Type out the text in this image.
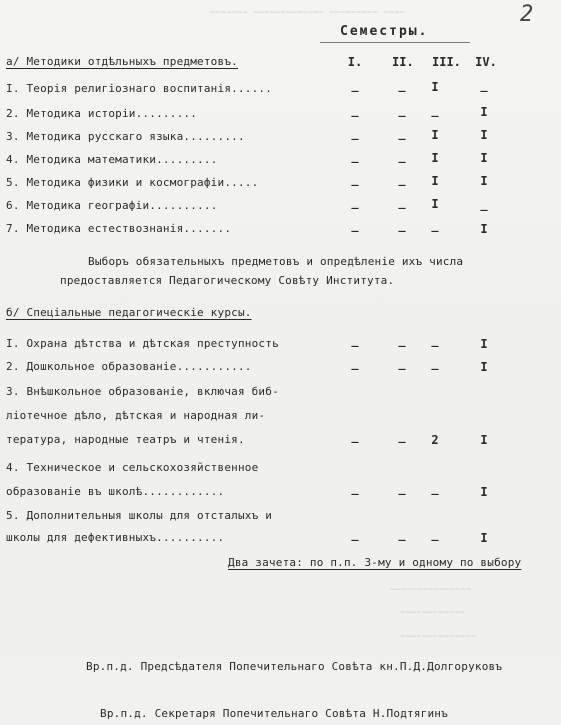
~~~~~~~ ~~~~~~~~~~~~~ ~~~~~~~~~ ~~~~	2
Семестры.
а/ Методики отдѣльныхъ предметовъ.	I. II. III. IV.
I. Теорія религіознаго воспитанія......	_	_	I	_
2. Методика исторіи.........	_	_	_	I
3. Методика русскаго языка.........	_	_	I	I
4. Методика математики.........	_	_	I	I
5. Методика физики и космографіи.....	_	_	I	I
6. Методика географіи..........	_	_	I	_
7. Методика естествознанія.......	_	_	_	I
Выборъ обязательныхъ предметовъ и опредѣленіе ихъ числа
предоставляется Педагогическому Совѣту Института.
б/ Спеціальные педагогическіе курсы.
I. Охрана дѣтства и дѣтская преступность	_	_	_	I
2. Дошкольное образованіе...........	_	_	_	I
3. Внѣшкольное образованіе, включая биб-
ліотечное дѣло, дѣтская и народная ли-
тература, народные театръ и чтенія.	_	_	2	I
4. Техническое и сельскохозяйственное
образованіе въ школѣ............	_	_	_	I
5. Дополнительныя школы для отсталыхъ и
школы для дефективныхъ..........	_	_	_	I
Два зачета: по п.п. 3-му и одному по выбору
~~~~~~~~~~~~~~~
~~~~~~~~~~~~
~~~~~~~~~~~~~~
Вр.п.д. Предсѣдателя Попечительнаго Совѣта кн.П.Д.Долгоруковъ
Вр.п.д. Секретаря Попечительнаго Совѣта Н.Подтягинъ
